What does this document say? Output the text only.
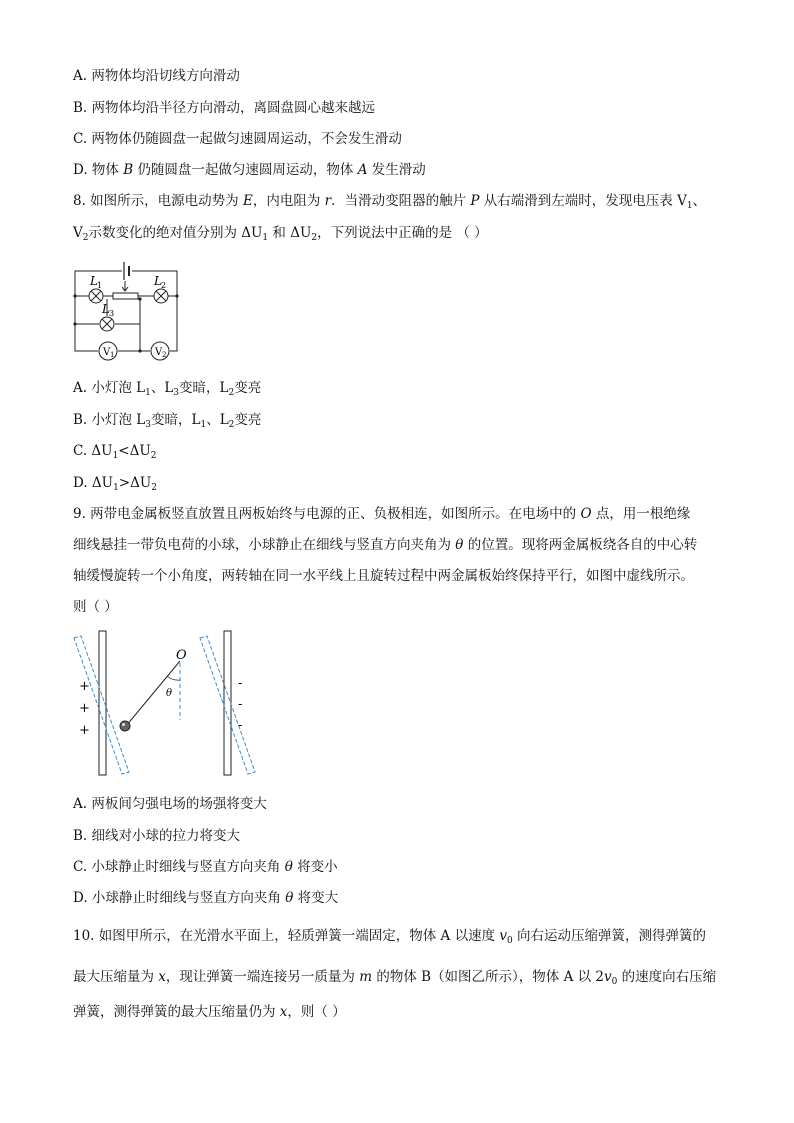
A. 两物体均沿切线方向滑动
B. 两物体均沿半径方向滑动，离圆盘圆心越来越远
C. 两物体仍随圆盘一起做匀速圆周运动，不会发生滑动
D. 物体 B 仍随圆盘一起做匀速圆周运动，物体 A 发生滑动
8. 如图所示，电源电动势为 E，内电阻为 r．当滑动变阻器的触片 P 从右端滑到左端时，发现电压表 $V_1$、
$V_2$示数变化的绝对值分别为 $\Delta U_1$ 和 $\Delta U_2$，下列说法中正确的是 （ ）
L 1	L 2
L 3
V 1	V 2
A. 小灯泡 $L_1$、$L_3$变暗，$L_2$变亮
B. 小灯泡 $L_3$变暗，$L_1$、$L_2$变亮
C. $\Delta U_1<\Delta U_2$
D. $\Delta U_1>\Delta U_2$
9. 两带电金属板竖直放置且两板始终与电源的正、负极相连，如图所示。在电场中的 O 点，用一根绝缘
细线悬挂一带负电荷的小球，小球静止在细线与竖直方向夹角为 θ 的位置。现将两金属板绕各自的中心转
轴缓慢旋转一个小角度，两转轴在同一水平线上且旋转过程中两金属板始终保持平行，如图中虚线所示。
则（ ）
O
θ
+
+
+
-
-
-
A. 两板间匀强电场的场强将变大
B. 细线对小球的拉力将变大
C. 小球静止时细线与竖直方向夹角 θ 将变小
D. 小球静止时细线与竖直方向夹角 θ 将变大
10. 如图甲所示，在光滑水平面上，轻质弹簧一端固定，物体 A 以速度 $v_0$ 向右运动压缩弹簧，测得弹簧的
最大压缩量为 x，现让弹簧一端连接另一质量为 m 的物体 B（如图乙所示），物体 A 以 $2v_0$ 的速度向右压缩
弹簧，测得弹簧的最大压缩量仍为 x，则（ ）
